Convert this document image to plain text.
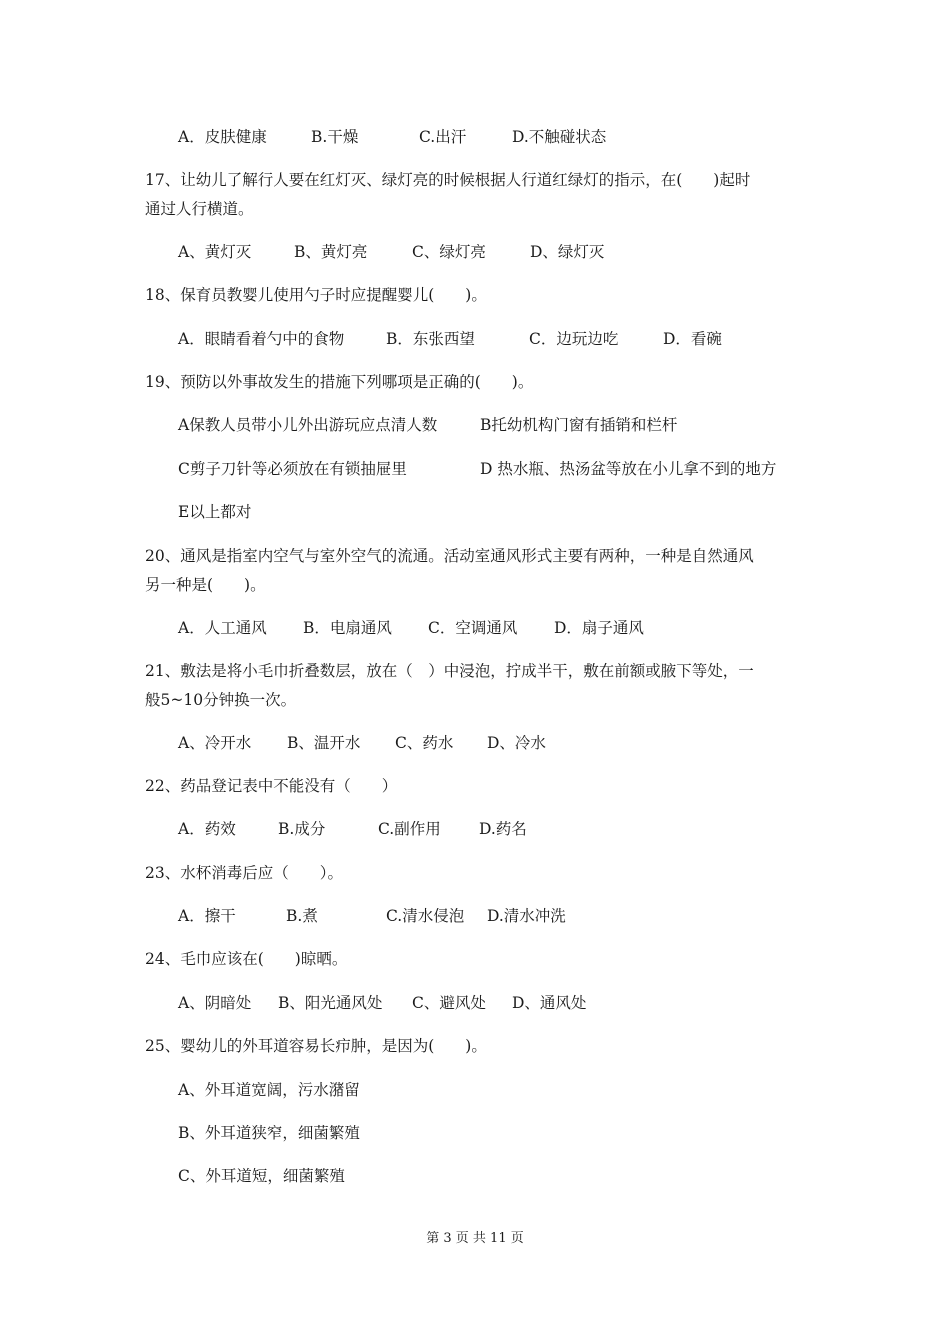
A．皮肤健康	B.干燥	C.出汗	D.不触碰状态
17、让幼儿了解行人要在红灯灭、绿灯亮的时候根据人行道红绿灯的指示，在(　　)起时
通过人行横道。
A、黄灯灭	B、黄灯亮	C、绿灯亮	D、绿灯灭
18、保育员教婴儿使用勺子时应提醒婴儿(　　)。
A．眼睛看着勺中的食物	B．东张西望	C．边玩边吃	D．看碗
19、预防以外事故发生的措施下列哪项是正确的(　　)。
A保教人员带小儿外出游玩应点清人数	B托幼机构门窗有插销和栏杆
C剪子刀针等必须放在有锁抽屉里	D 热水瓶、热汤盆等放在小儿拿不到的地方
E以上都对
20、通风是指室内空气与室外空气的流通。活动室通风形式主要有两种，一种是自然通风
另一种是(　　)。
A．人工通风 B．电扇通风 C．空调通风 D．扇子通风
21、敷法是将小毛巾折叠数层，放在（　）中浸泡，拧成半干，敷在前额或腋下等处，一
般5~10分钟换一次。
A、冷开水 B、温开水 C、药水 D、冷水
22、药品登记表中不能没有（　　）
A．药效	B.成分	C.副作用 D.药名
23、水杯消毒后应（　　）。
A．擦干	B.煮	C.清水侵泡 D.清水冲洗
24、毛巾应该在(　　)晾晒。
A、阴暗处 B、阳光通风处 C、避风处 D、通风处
25、婴幼儿的外耳道容易长疖肿，是因为(　　)。
A、外耳道宽阔，污水潴留
B、外耳道狭窄，细菌繁殖
C、外耳道短，细菌繁殖
第 3 页 共 11 页
